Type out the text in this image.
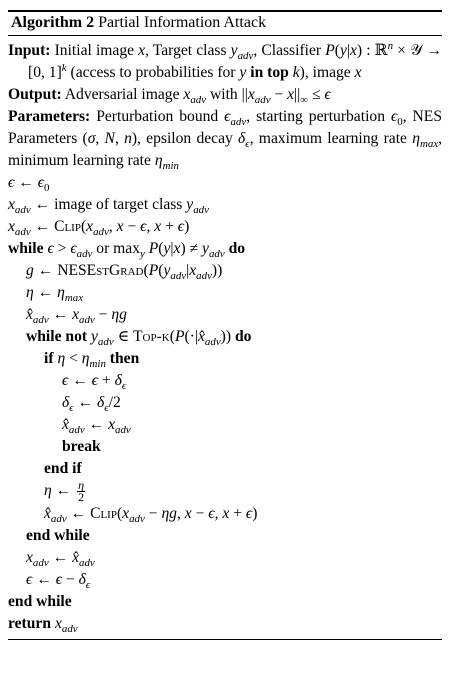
Algorithm 2 Partial Information Attack
Input: Initial image x, Target class $y_{adv}$, Classifier P(y|x) : ℝ$^n$ × 𝒴 → [0, 1]$^k$ (access to probabilities for y in top k), image x
Output: Adversarial image $x_{adv}$ with $||x_{adv} - x||_\infty \le \epsilon$
Parameters: Perturbation bound $\epsilon_{adv}$, starting perturbation $\epsilon_0$, NES Parameters (σ, N, n), epsilon decay $\delta_\epsilon$, maximum learning rate $\eta_{max}$, minimum learning rate $\eta_{min}$
ϵ ← $\epsilon_0$
$x_{adv}$ ← image of target class $y_{adv}$
$x_{adv}$ ← $Clip(x_{adv}$, x − ϵ, x + ϵ)
while $\epsilon > \epsilon_{adv}$ or $\max_y P(y|x) \ne y_{adv}$ do
g ← $NESEstGrad(P(y_{adv}|x_{adv}))$
η ← $\eta_{max}$
$x̂_{adv}$ ← $x_{adv} - \eta g$
while not $y_{adv}$ ∈ Top-$k(P(\cdot|x̂_{adv}))$ do
if $\eta < \eta_{min}$ then
ϵ ← $\epsilon + \delta_\epsilon$
$\delta_\epsilon$ ← $\delta_\epsilon/2$
$x̂_{adv}$ ← $x_{adv}$
break
end if
η ← $\frac{\eta}{2}$
$x̂_{adv}$ ← $Clip(x_{adv} - \eta g$, x − ϵ, x + ϵ)
end while
$x_{adv}$ ← $x̂_{adv}$
ϵ ← $\epsilon - \delta_\epsilon$
end while
return $x_{adv}$
